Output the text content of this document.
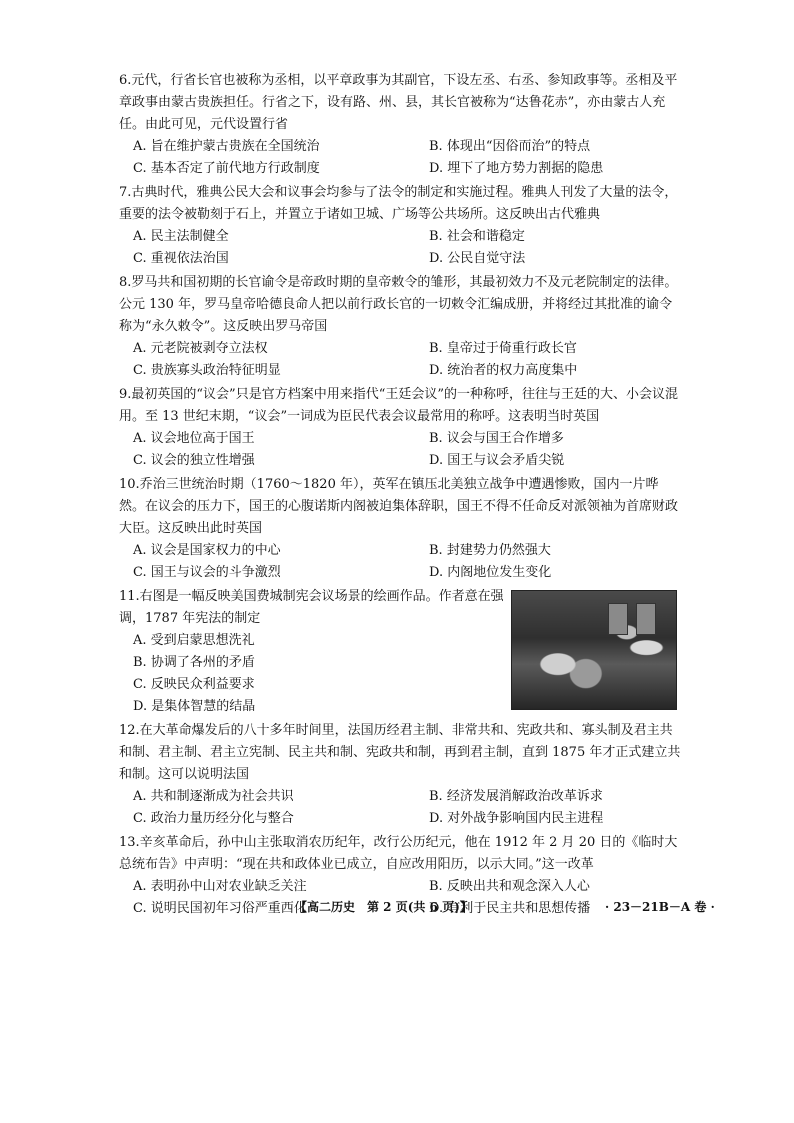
6.元代，行省长官也被称为丞相，以平章政事为其副官，下设左丞、右丞、参知政事等。丞相及平章政事由蒙古贵族担任。行省之下，设有路、州、县，其长官被称为“达鲁花赤”，亦由蒙古人充任。由此可见，元代设置行省

A. 旨在维护蒙古贵族在全国统治	B. 体现出“因俗而治”的特点
C. 基本否定了前代地方行政制度	D. 埋下了地方势力割据的隐患

7.古典时代，雅典公民大会和议事会均参与了法令的制定和实施过程。雅典人刊发了大量的法令，重要的法令被勒刻于石上，并置立于诸如卫城、广场等公共场所。这反映出古代雅典

A. 民主法制健全	B. 社会和谐稳定
C. 重视依法治国	D. 公民自觉守法

8.罗马共和国初期的长官谕令是帝政时期的皇帝敕令的雏形，其最初效力不及元老院制定的法律。公元 130 年，罗马皇帝哈德良命人把以前行政长官的一切敕令汇编成册，并将经过其批准的谕令称为“永久敕令”。这反映出罗马帝国

A. 元老院被剥夺立法权	B. 皇帝过于倚重行政长官
C. 贵族寡头政治特征明显	D. 统治者的权力高度集中

9.最初英国的“议会”只是官方档案中用来指代“王廷会议”的一种称呼，往往与王廷的大、小会议混用。至 13 世纪末期，“议会”一词成为臣民代表会议最常用的称呼。这表明当时英国

A. 议会地位高于国王	B. 议会与国王合作增多
C. 议会的独立性增强	D. 国王与议会矛盾尖锐

10.乔治三世统治时期（1760～1820 年），英军在镇压北美独立战争中遭遇惨败，国内一片哗然。在议会的压力下，国王的心腹诺斯内阁被迫集体辞职，国王不得不任命反对派领袖为首席财政大臣。这反映出此时英国

A. 议会是国家权力的中心	B. 封建势力仍然强大
C. 国王与议会的斗争激烈	D. 内阁地位发生变化

11.右图是一幅反映美国费城制宪会议场景的绘画作品。作者意在强调，1787 年宪法的制定

A. 受到启蒙思想洗礼
B. 协调了各州的矛盾
C. 反映民众利益要求
D. 是集体智慧的结晶

12.在大革命爆发后的八十多年时间里，法国历经君主制、非常共和、宪政共和、寡头制及君主共和制、君主制、君主立宪制、民主共和制、宪政共和制，再到君主制，直到 1875 年才正式建立共和制。这可以说明法国

A. 共和制逐渐成为社会共识	B. 经济发展消解政治改革诉求
C. 政治力量历经分化与整合	D. 对外战争影响国内民主进程

13.辛亥革命后，孙中山主张取消农历纪年，改行公历纪元，他在 1912 年 2 月 20 日的《临时大总统布告》中声明：“现在共和政体业已成立，自应改用阳历，以示大同。”这一改革

A. 表明孙中山对农业缺乏关注	B. 反映出共和观念深入人心
C. 说明民国初年习俗严重西化	D. 有利于民主共和思想传播
【高二历史　第 2 页(共 6 页)】	· 23－21B－A 卷 ·
